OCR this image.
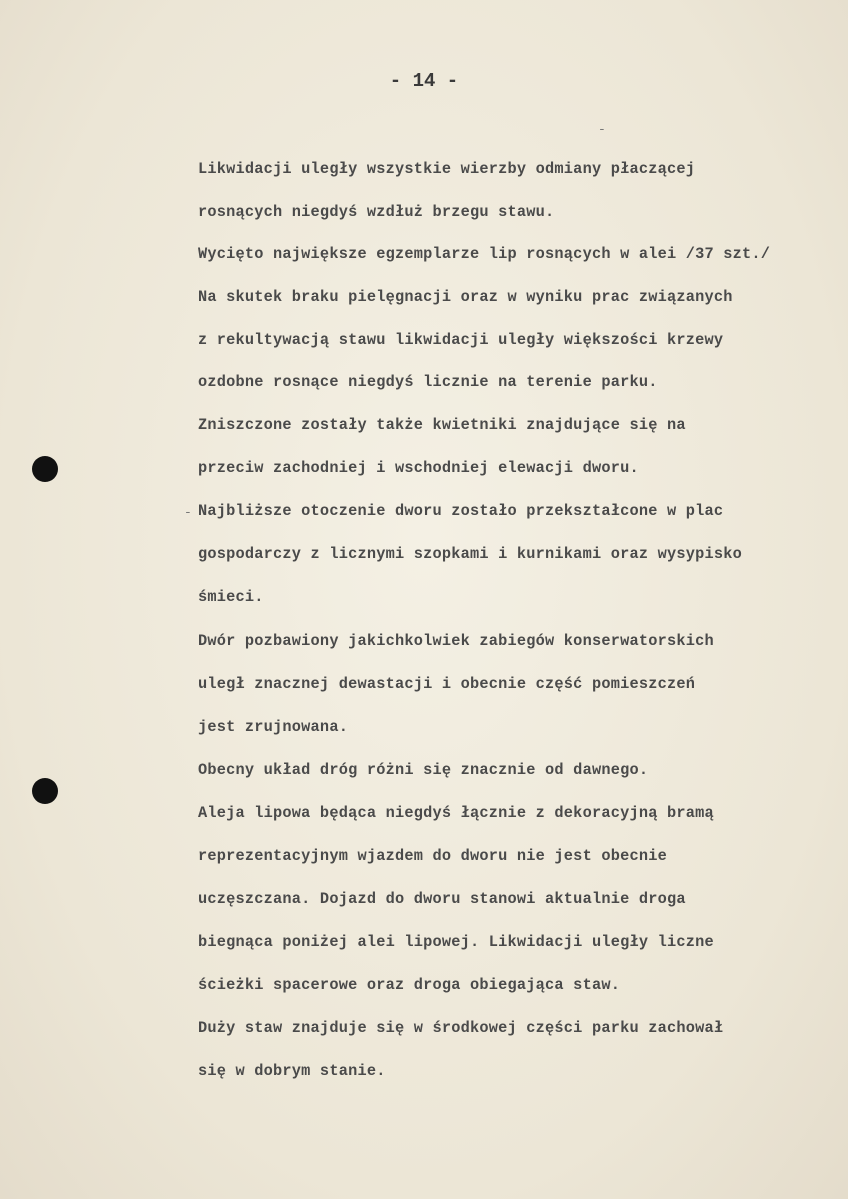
- 14 -
Likwidacji uległy wszystkie wierzby odmiany płaczącej
rosnących niegdyś wzdłuż brzegu stawu.
Wycięto największe egzemplarze lip rosnących w alei /37 szt./
Na skutek braku pielęgnacji oraz w wyniku prac związanych
z rekultywacją stawu likwidacji uległy większości krzewy
ozdobne rosnące niegdyś licznie na terenie parku.
Zniszczone zostały także kwietniki znajdujące się na
przeciw zachodniej i wschodniej elewacji dworu.
Najbliższe otoczenie dworu zostało przekształcone w plac
gospodarczy z licznymi szopkami i kurnikami oraz wysypisko
śmieci.
Dwór pozbawiony jakichkolwiek zabiegów konserwatorskich
uległ znacznej dewastacji i obecnie część pomieszczeń
jest zrujnowana.
Obecny układ dróg różni się znacznie od dawnego.
Aleja lipowa będąca niegdyś łącznie z dekoracyjną bramą
reprezentacyjnym wjazdem do dworu nie jest obecnie
uczęszczana. Dojazd do dworu stanowi aktualnie droga
biegnąca poniżej alei lipowej. Likwidacji uległy liczne
ścieżki spacerowe oraz droga obiegająca staw.
Duży staw znajduje się w środkowej części parku zachował
się w dobrym stanie.
-
-
